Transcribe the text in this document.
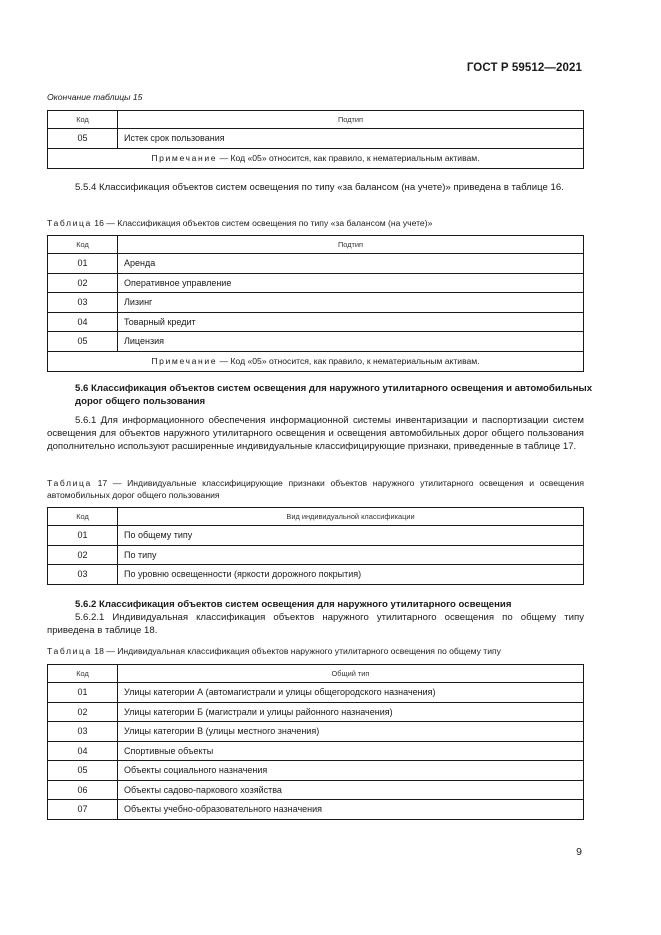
ГОСТ Р 59512—2021
Окончание таблицы 15
Код	Подтип
05	Истек срок пользования
Примечание — Код «05» относится, как правило, к нематериальным активам.	
5.5.4 Классификация объектов систем освещения по типу «за балансом (на учете)» приведена в таблице 16.
Таблица 16 — Классификация объектов систем освещения по типу «за балансом (на учете)»
Код	Подтип
01	Аренда
02	Оперативное управление
03	Лизинг
04	Товарный кредит
05	Лицензия
Примечание — Код «05» относится, как правило, к нематериальным активам.	
5.6 Классификация объектов систем освещения для наружного утилитарного освещения и автомобильных дорог общего пользования
5.6.1 Для информационного обеспечения информационной системы инвентаризации и паспортизации систем освещения для объектов наружного утилитарного освещения и освещения автомобильных дорог общего пользования дополнительно используют расширенные индивидуальные классифицирующие признаки, приведенные в таблице 17.
Таблица 17 — Индивидуальные классифицирующие признаки объектов наружного утилитарного освещения и освещения автомобильных дорог общего пользования
Код	Вид индивидуальной классификации
01	По общему типу
02	По типу
03	По уровню освещенности (яркости дорожного покрытия)
5.6.2 Классификация объектов систем освещения для наружного утилитарного освещения
5.6.2.1 Индивидуальная классификация объектов наружного утилитарного освещения по общему типу приведена в таблице 18.
Таблица 18 — Индивидуальная классификация объектов наружного утилитарного освещения по общему типу
Код	Общий тип
01	Улицы категории А (автомагистрали и улицы общегородского назначения)
02	Улицы категории Б (магистрали и улицы районного назначения)
03	Улицы категории В (улицы местного значения)
04	Спортивные объекты
05	Объекты социального назначения
06	Объекты садово-паркового хозяйства
07	Объекты учебно-образовательного назначения
9
